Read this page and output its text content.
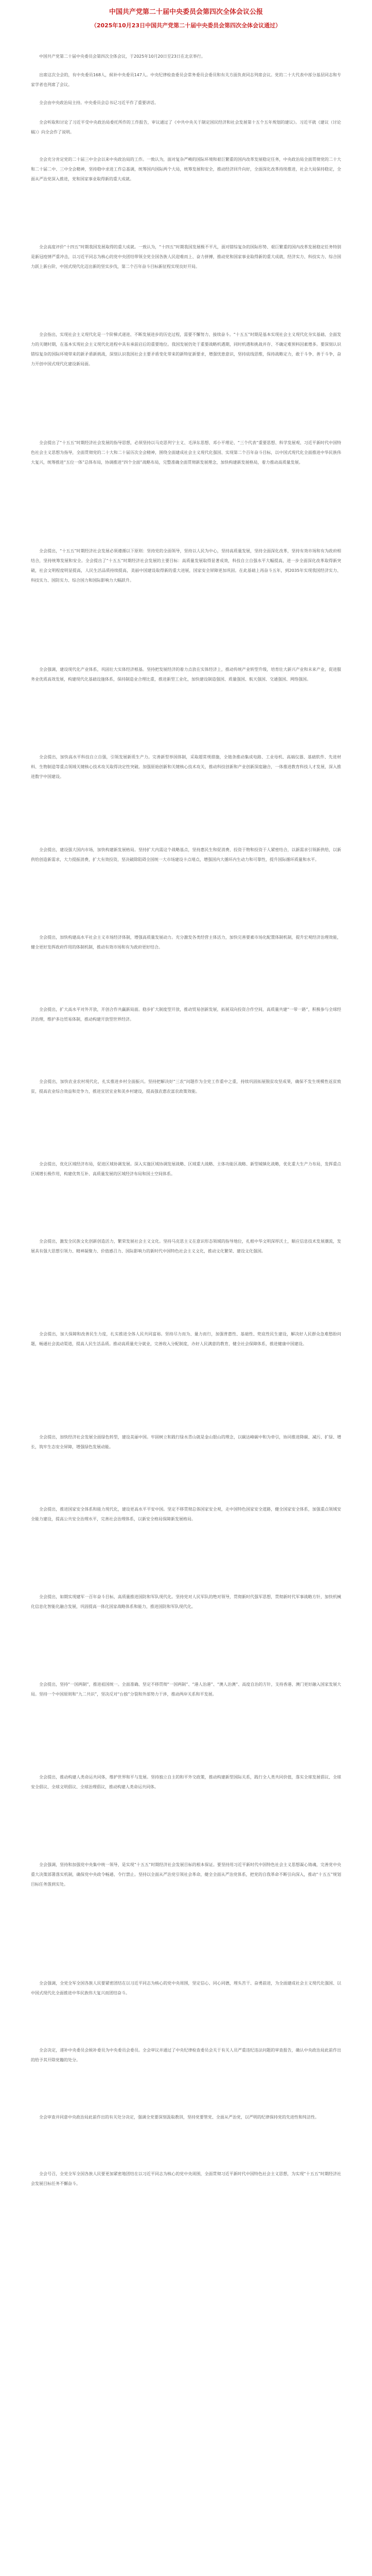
中国共产党第二十届中央委员会第四次全体会议公报
（2025年10月23日中国共产党第二十届中央委员会第四次全体会议通过）
中国共产党第二十届中央委员会第四次全体会议，于2025年10月20日至23日在北京举行。
出席这次全会的，有中央委员168人，候补中央委员147人。中央纪律检查委员会常务委员会委员和有关方面负责同志列席会议。党的二十大代表中部分基层同志和专家学者也列席了会议。
全会由中央政治局主持。中央委员会总书记习近平作了重要讲话。
全会听取和讨论了习近平受中央政治局委托所作的工作报告，审议通过了《中共中央关于制定国民经济和社会发展第十五个五年规划的建议》。习近平就《建议（讨论稿）》向全会作了说明。
全会充分肯定党的二十届三中全会以来中央政治局的工作。一致认为，面对复杂严峻的国际环境和艰巨繁重的国内改革发展稳定任务，中央政治局全面贯彻党的二十大和二十届二中、三中全会精神，坚持稳中求进工作总基调，统筹国内国际两个大局，统筹发展和安全，推动经济回升向好，全面深化改革持续推进，社会大局保持稳定，全面从严治党深入推进，党和国家事业取得新的重大成就。
全会高度评价“十四五”时期我国发展取得的重大成就。一致认为，“十四五”时期我国发展极不平凡，面对错综复杂的国际形势、艰巨繁重的国内改革发展稳定任务特别是新冠疫情严重冲击，以习近平同志为核心的党中央团结带领全党全国各族人民迎难而上、奋力拼搏，推动党和国家事业取得新的重大成就，经济实力、科技实力、综合国力跃上新台阶，中国式现代化迈出新的坚实步伐，第二个百年奋斗目标新征程实现良好开局。
全会指出，实现社会主义现代化是一个阶梯式递进、不断发展进步的历史过程，需要不懈努力、接续奋斗。“十五五”时期是基本实现社会主义现代化夯实基础、全面发力的关键时期，在基本实现社会主义现代化进程中具有承前启后的重要地位。我国发展仍处于重要战略机遇期，同时机遇和挑战并存、不确定难预料因素增多。要深刻认识错综复杂的国际环境带来的新矛盾新挑战，深刻认识我国社会主要矛盾变化带来的新特征新要求，增强忧患意识，坚持底线思维，保持战略定力，敢于斗争、善于斗争，奋力开创中国式现代化建设新局面。
全会提出了“十五五”时期经济社会发展的指导思想，必须坚持以马克思列宁主义、毛泽东思想、邓小平理论、“三个代表”重要思想、科学发展观、习近平新时代中国特色社会主义思想为指导，全面贯彻党的二十大和二十届历次全会精神，围绕全面建成社会主义现代化强国、实现第二个百年奋斗目标，以中国式现代化全面推进中华民族伟大复兴，统筹推进“五位一体”总体布局，协调推进“四个全面”战略布局，完整准确全面贯彻新发展理念，加快构建新发展格局，着力推动高质量发展。
全会提出，“十五五”时期经济社会发展必须遵循以下原则：坚持党的全面领导，坚持以人民为中心，坚持高质量发展，坚持全面深化改革，坚持有效市场和有为政府相结合，坚持统筹发展和安全。全会提出了“十五五”时期经济社会发展的主要目标：高质量发展取得显著成效，科技自立自强水平大幅提高，进一步全面深化改革取得新突破，社会文明程度明显提高，人民生活品质持续提高，美丽中国建设取得新的重大进展，国家安全屏障更加巩固。在此基础上再奋斗五年，到2035年实现我国经济实力、科技实力、国防实力、综合国力和国际影响力大幅跃升。
全会强调，建设现代化产业体系，巩固壮大实体经济根基。坚持把发展经济的着力点放在实体经济上，推动传统产业转型升级，培育壮大新兴产业和未来产业，促进服务业优质高效发展，构建现代化基础设施体系，保持制造业合理比重，推进新型工业化，加快建设制造强国、质量强国、航天强国、交通强国、网络强国。
全会提出，加快高水平科技自立自强，引领发展新质生产力。完善新型举国体制，采取超常规措施，全链条推动集成电路、工业母机、高端仪器、基础软件、先进材料、生物制造等重点领域关键核心技术攻关取得决定性突破。加强原始创新和关键核心技术攻关，推动科技创新和产业创新深度融合，一体推进教育科技人才发展，深入推进数字中国建设。
全会提出，建设强大国内市场，加快构建新发展格局。坚持扩大内需这个战略基点，坚持惠民生和促消费、投资于物和投资于人紧密结合，以新需求引领新供给，以新供给创造新需求，大力提振消费，扩大有效投资，坚决破除阻碍全国统一大市场建设卡点堵点，增强国内大循环内生动力和可靠性，提升国际循环质量和水平。
全会提出，加快构建高水平社会主义市场经济体制，增强高质量发展动力。充分激发各类经营主体活力，加快完善要素市场化配置体制机制，提升宏观经济治理效能，健全更好发挥政府作用的体制机制，推动有效市场和有为政府更好结合。
全会提出，扩大高水平对外开放，开创合作共赢新局面。稳步扩大制度型开放，推动贸易创新发展，拓展双向投资合作空间，高质量共建“一带一路”，积极参与全球经济治理，维护多边贸易体制，推动构建开放型世界经济。
全会提出，加快农业农村现代化，扎实推进乡村全面振兴。坚持把解决好“三农”问题作为全党工作重中之重，持续巩固拓展脱贫攻坚成果，确保不发生规模性返贫致贫，提高农业综合效益和竞争力，推进宜居宜业和美乡村建设，提高强农惠农富农政策效能。
全会提出，优化区域经济布局，促进区域协调发展。深入实施区域协调发展战略、区域重大战略、主体功能区战略、新型城镇化战略，优化重大生产力布局，发挥重点区域增长极作用，构建优势互补、高质量发展的区域经济布局和国土空间体系。
全会提出，激发全民族文化创新创造活力，繁荣发展社会主义文化。坚持马克思主义在意识形态领域的指导地位，扎根中华文明深厚沃土，顺应信息技术发展潮流，发展具有强大思想引领力、精神凝聚力、价值感召力、国际影响力的新时代中国特色社会主义文化，推动文化繁荣、建设文化强国。
全会提出，加大保障和改善民生力度，扎实推进全体人民共同富裕。坚持尽力而为、量力而行，加强普惠性、基础性、兜底性民生建设，解决好人民群众急难愁盼问题，畅通社会流动渠道，提高人民生活品质。推动高质量充分就业，完善收入分配制度，办好人民满意的教育，健全社会保障体系，推进健康中国建设。
全会提出，加快经济社会发展全面绿色转型，建设美丽中国。牢固树立和践行绿水青山就是金山银山的理念，以碳达峰碳中和为牵引，协同推进降碳、减污、扩绿、增长，筑牢生态安全屏障，增强绿色发展动能。
全会提出，推进国家安全体系和能力现代化，建设更高水平平安中国。坚定不移贯彻总体国家安全观，走中国特色国家安全道路，健全国家安全体系，加强重点领域安全能力建设，提高公共安全治理水平，完善社会治理体系，以新安全格局保障新发展格局。
全会提出，如期实现建军一百年奋斗目标，高质量推进国防和军队现代化。坚持党对人民军队的绝对领导，贯彻新时代强军思想，贯彻新时代军事战略方针，加快机械化信息化智能化融合发展，巩固提高一体化国家战略体系和能力，推进国防和军队现代化。
全会提出，坚持“一国两制”，推进祖国统一。全面准确、坚定不移贯彻“一国两制”、“港人治港”、“澳人治澳”、高度自治的方针，支持香港、澳门更好融入国家发展大局。坚持一个中国原则和“九二共识”，坚决反对“台独”分裂和外部势力干涉，推动两岸关系和平发展。
全会提出，推动构建人类命运共同体，维护世界和平与发展。坚持独立自主的和平外交政策，推动构建新型国际关系，践行全人类共同价值，落实全球发展倡议、全球安全倡议、全球文明倡议、全球治理倡议，推动构建人类命运共同体。
全会强调，坚持和加强党中央集中统一领导，是实现“十五五”时期经济社会发展目标的根本保证。要坚持用习近平新时代中国特色社会主义思想凝心铸魂，完善党中央重大决策部署落实机制，确保党中央政令畅通、令行禁止。坚持以全面从严治党引领社会革命，健全全面从严治党体系，把党的自我革命不断引向深入，推动“十五五”规划目标任务落到实处。
全会强调，全党全军全国各族人民要紧密团结在以习近平同志为核心的党中央周围，坚定信心、同心同德，埋头苦干、奋勇前进，为全面建成社会主义现代化强国、以中国式现代化全面推进中华民族伟大复兴而团结奋斗。
全会决定，递补中央委员会候补委员为中央委员会委员。全会审议并通过了中央纪律检查委员会关于有关人员严重违纪违法问题的审查报告，确认中央政治局此前作出的给予其开除党籍的处分。
全会审查并同意中央政治局此前作出的有关处分决定，强调全党要深刻汲取教训，坚持党要管党、全面从严治党，以严明的纪律保持党的先进性和纯洁性。
全会号召，全党全军全国各族人民要更加紧密地团结在以习近平同志为核心的党中央周围，全面贯彻习近平新时代中国特色社会主义思想，为实现“十五五”时期经济社会发展目标任务不懈奋斗。
